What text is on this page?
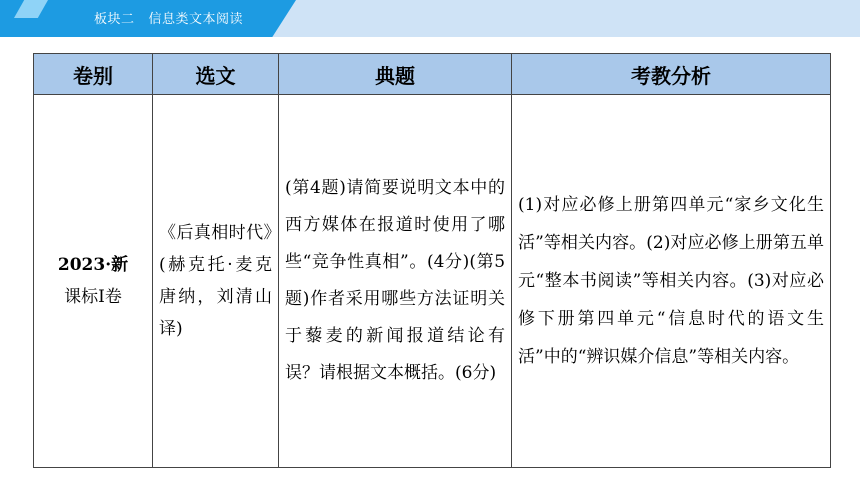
板块二 信息类文本阅读
卷别	选文	典题	考教分析

2023·新
课标Ⅰ卷	《后真相时代》(赫克托·麦克唐纳，刘清山译)	(第4题)请简要说明文本中的西方媒体在报道时使用了哪些“竞争性真相”。(4分)(第5题)作者采用哪些方法证明关于藜麦的新闻报道结论有误？请根据文本概括。(6分)	(1)对应必修上册第四单元“家乡文化生活”等相关内容。(2)对应必修上册第五单元“整本书阅读”等相关内容。(3)对应必修下册第四单元“信息时代的语文生活”中的“辨识媒介信息”等相关内容。
